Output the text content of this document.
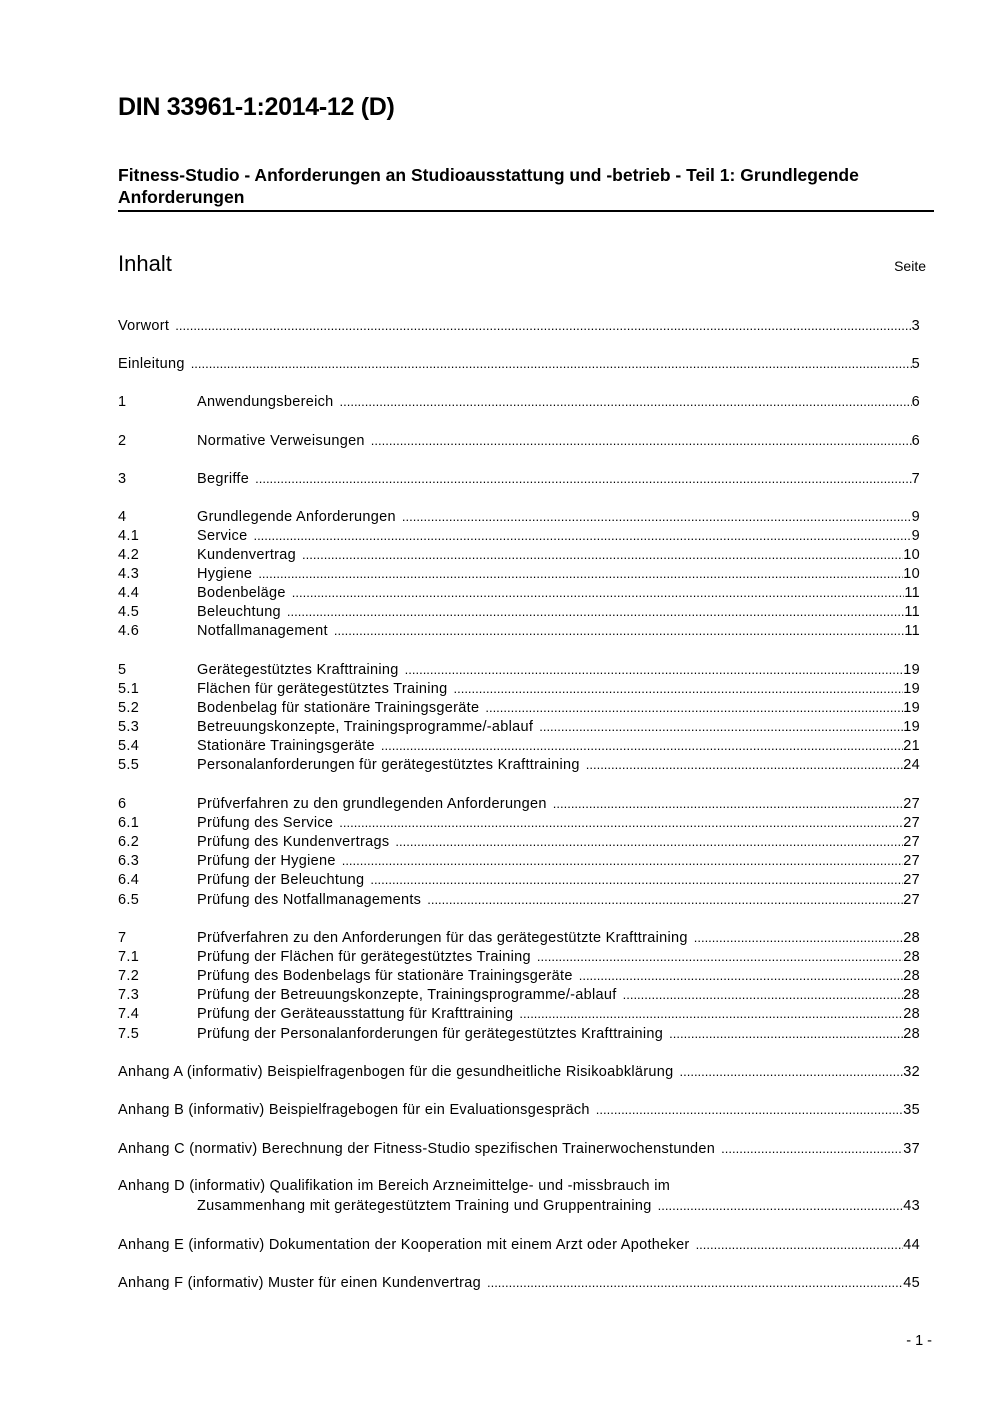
DIN 33961-1:2014-12 (D)
Fitness-Studio - Anforderungen an Studioausstattung und -betrieb - Teil 1: Grundlegende Anforderungen
Inhalt	Seite
Vorwort .....	3
Einleitung .....	5
1	Anwendungsbereich .....	6
2	Normative Verweisungen .....	6
3	Begriffe .....	7
4	Grundlegende Anforderungen .....	9
4.1	Service .....	9
4.2	Kundenvertrag .....	10
4.3	Hygiene .....	10
4.4	Bodenbeläge .....	11
4.5	Beleuchtung .....	11
4.6	Notfallmanagement .....	11
5	Gerätegestütztes Krafttraining .....	19
5.1	Flächen für gerätegestütztes Training .....	19
5.2	Bodenbelag für stationäre Trainingsgeräte .....	19
5.3	Betreuungskonzepte, Trainingsprogramme/-ablauf .....	19
5.4	Stationäre Trainingsgeräte .....	21
5.5	Personalanforderungen für gerätegestütztes Krafttraining .....	24
6	Prüfverfahren zu den grundlegenden Anforderungen .....	27
6.1	Prüfung des Service .....	27
6.2	Prüfung des Kundenvertrags .....	27
6.3	Prüfung der Hygiene .....	27
6.4	Prüfung der Beleuchtung .....	27
6.5	Prüfung des Notfallmanagements .....	27
7	Prüfverfahren zu den Anforderungen für das gerätegestützte Krafttraining .....	28
7.1	Prüfung der Flächen für gerätegestütztes Training .....	28
7.2	Prüfung des Bodenbelags für stationäre Trainingsgeräte .....	28
7.3	Prüfung der Betreuungskonzepte, Trainingsprogramme/-ablauf .....	28
7.4	Prüfung der Geräteausstattung für Krafttraining .....	28
7.5	Prüfung der Personalanforderungen für gerätegestütztes Krafttraining .....	28
Anhang A (informativ) Beispielfragenbogen für die gesundheitliche Risikoabklärung .....	32
Anhang B (informativ) Beispielfragebogen für ein Evaluationsgespräch .....	35
Anhang C (normativ) Berechnung der Fitness-Studio spezifischen Trainerwochenstunden .....	37
Anhang D (informativ) Qualifikation im Bereich Arzneimittelge- und -missbrauch im
Zusammenhang mit gerätegestütztem Training und Gruppentraining .....	43
Anhang E (informativ) Dokumentation der Kooperation mit einem Arzt oder Apotheker .....	44
Anhang F (informativ) Muster für einen Kundenvertrag .....	45
- 1 -
